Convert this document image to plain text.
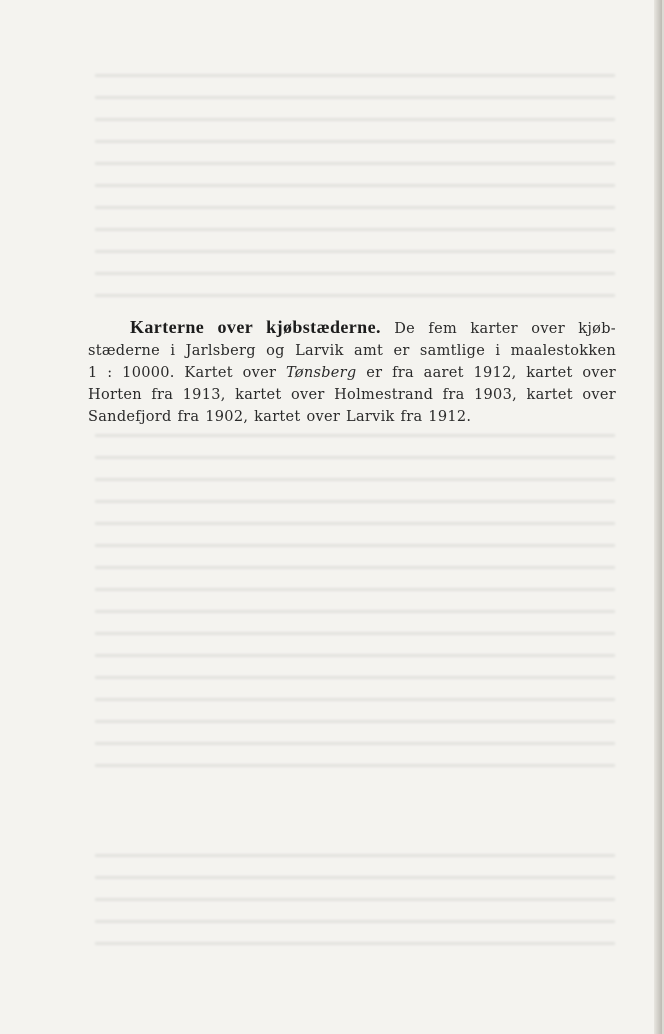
Karterne over kjøbstæderne. De fem karter over kjøb-
stæderne i Jarlsberg og Larvik amt er samtlige i maalestokken
1 : 10000. Kartet over Tønsberg er fra aaret 1912, kartet over
Horten fra 1913, kartet over Holmestrand fra 1903, kartet over
Sandefjord fra 1902, kartet over Larvik fra 1912.
